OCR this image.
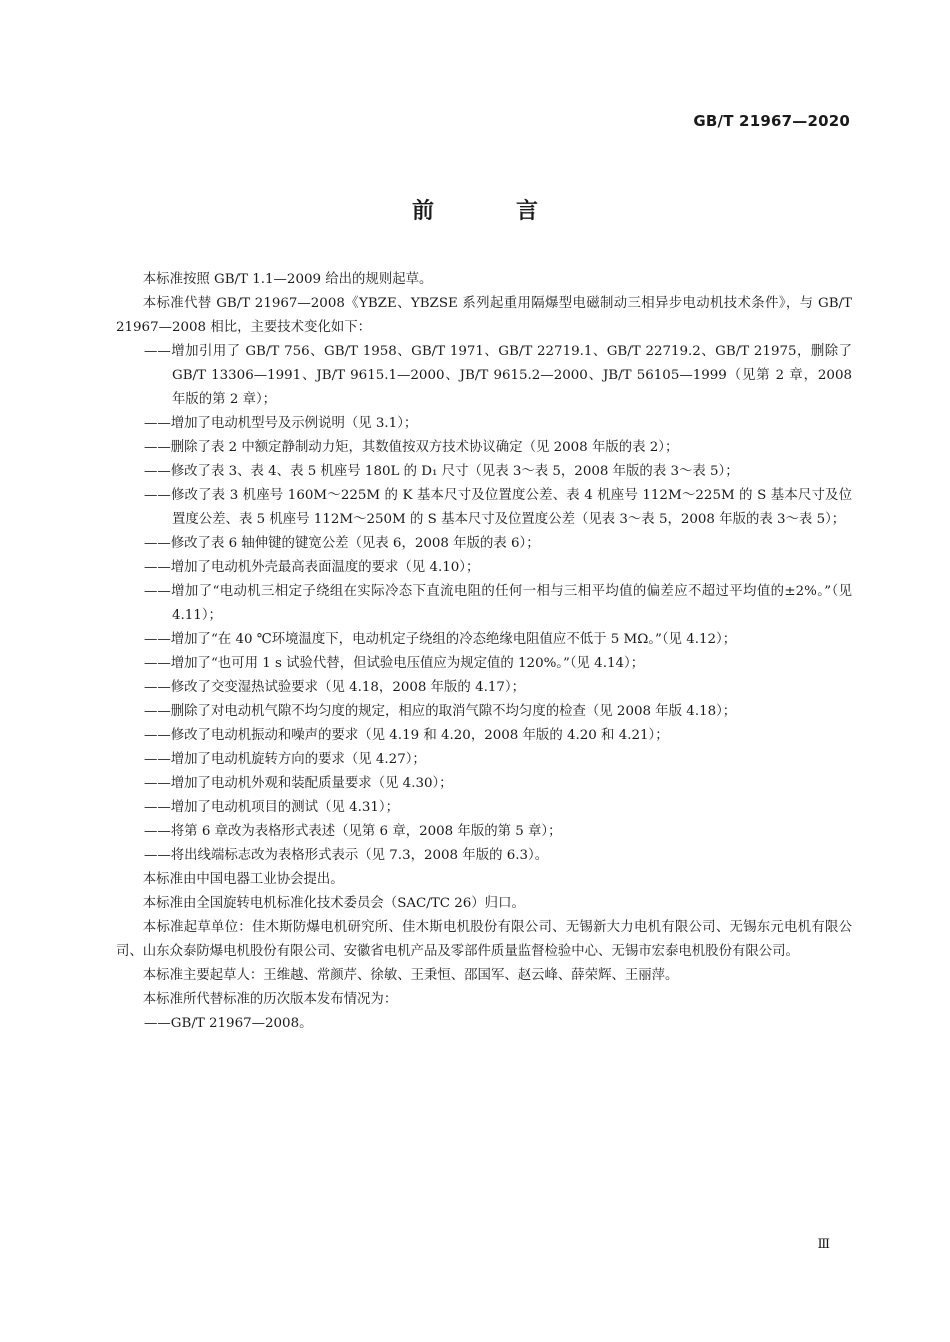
GB/T 21967—2020
前　言

本标准按照 GB/T 1.1—2009 给出的规则起草。

本标准代替 GB/T 21967—2008《YBZE、YBZSE 系列起重用隔爆型电磁制动三相异步电动机技术条件》，与 GB/T 21967—2008 相比，主要技术变化如下：

——增加引用了 GB/T 756、GB/T 1958、GB/T 1971、GB/T 22719.1、GB/T 22719.2、GB/T 21975，删除了 GB/T 13306—1991、JB/T 9615.1—2000、JB/T 9615.2—2000、JB/T 56105—1999（见第 2 章，2008 年版的第 2 章）；

——增加了电动机型号及示例说明（见 3.1）；

——删除了表 2 中额定静制动力矩，其数值按双方技术协议确定（见 2008 年版的表 2）；

——修改了表 3、表 4、表 5 机座号 180L 的 D₁ 尺寸（见表 3～表 5，2008 年版的表 3～表 5）；

——修改了表 3 机座号 160M～225M 的 K 基本尺寸及位置度公差、表 4 机座号 112M～225M 的 S 基本尺寸及位置度公差、表 5 机座号 112M～250M 的 S 基本尺寸及位置度公差（见表 3～表 5，2008 年版的表 3～表 5）；

——修改了表 6 轴伸键的键宽公差（见表 6，2008 年版的表 6）；

——增加了电动机外壳最高表面温度的要求（见 4.10）；

——增加了“电动机三相定子绕组在实际冷态下直流电阻的任何一相与三相平均值的偏差应不超过平均值的±2%。”（见 4.11）；

——增加了“在 40 ℃环境温度下，电动机定子绕组的冷态绝缘电阻值应不低于 5 MΩ。”（见 4.12）；

——增加了“也可用 1 s 试验代替，但试验电压值应为规定值的 120%。”（见 4.14）；

——修改了交变湿热试验要求（见 4.18，2008 年版的 4.17）；

——删除了对电动机气隙不均匀度的规定，相应的取消气隙不均匀度的检查（见 2008 年版 4.18）；

——修改了电动机振动和噪声的要求（见 4.19 和 4.20，2008 年版的 4.20 和 4.21）；

——增加了电动机旋转方向的要求（见 4.27）；

——增加了电动机外观和装配质量要求（见 4.30）；

——增加了电动机项目的测试（见 4.31）；

——将第 6 章改为表格形式表述（见第 6 章，2008 年版的第 5 章）；

——将出线端标志改为表格形式表示（见 7.3，2008 年版的 6.3）。

本标准由中国电器工业协会提出。

本标准由全国旋转电机标准化技术委员会（SAC/TC 26）归口。

本标准起草单位：佳木斯防爆电机研究所、佳木斯电机股份有限公司、无锡新大力电机有限公司、无锡东元电机有限公司、山东众泰防爆电机股份有限公司、安徽省电机产品及零部件质量监督检验中心、无锡市宏泰电机股份有限公司。

本标准主要起草人：王维越、常颜芹、徐敏、王秉恒、邵国军、赵云峰、薛荣辉、王丽萍。

本标准所代替标准的历次版本发布情况为：

——GB/T 21967—2008。

Ⅲ
